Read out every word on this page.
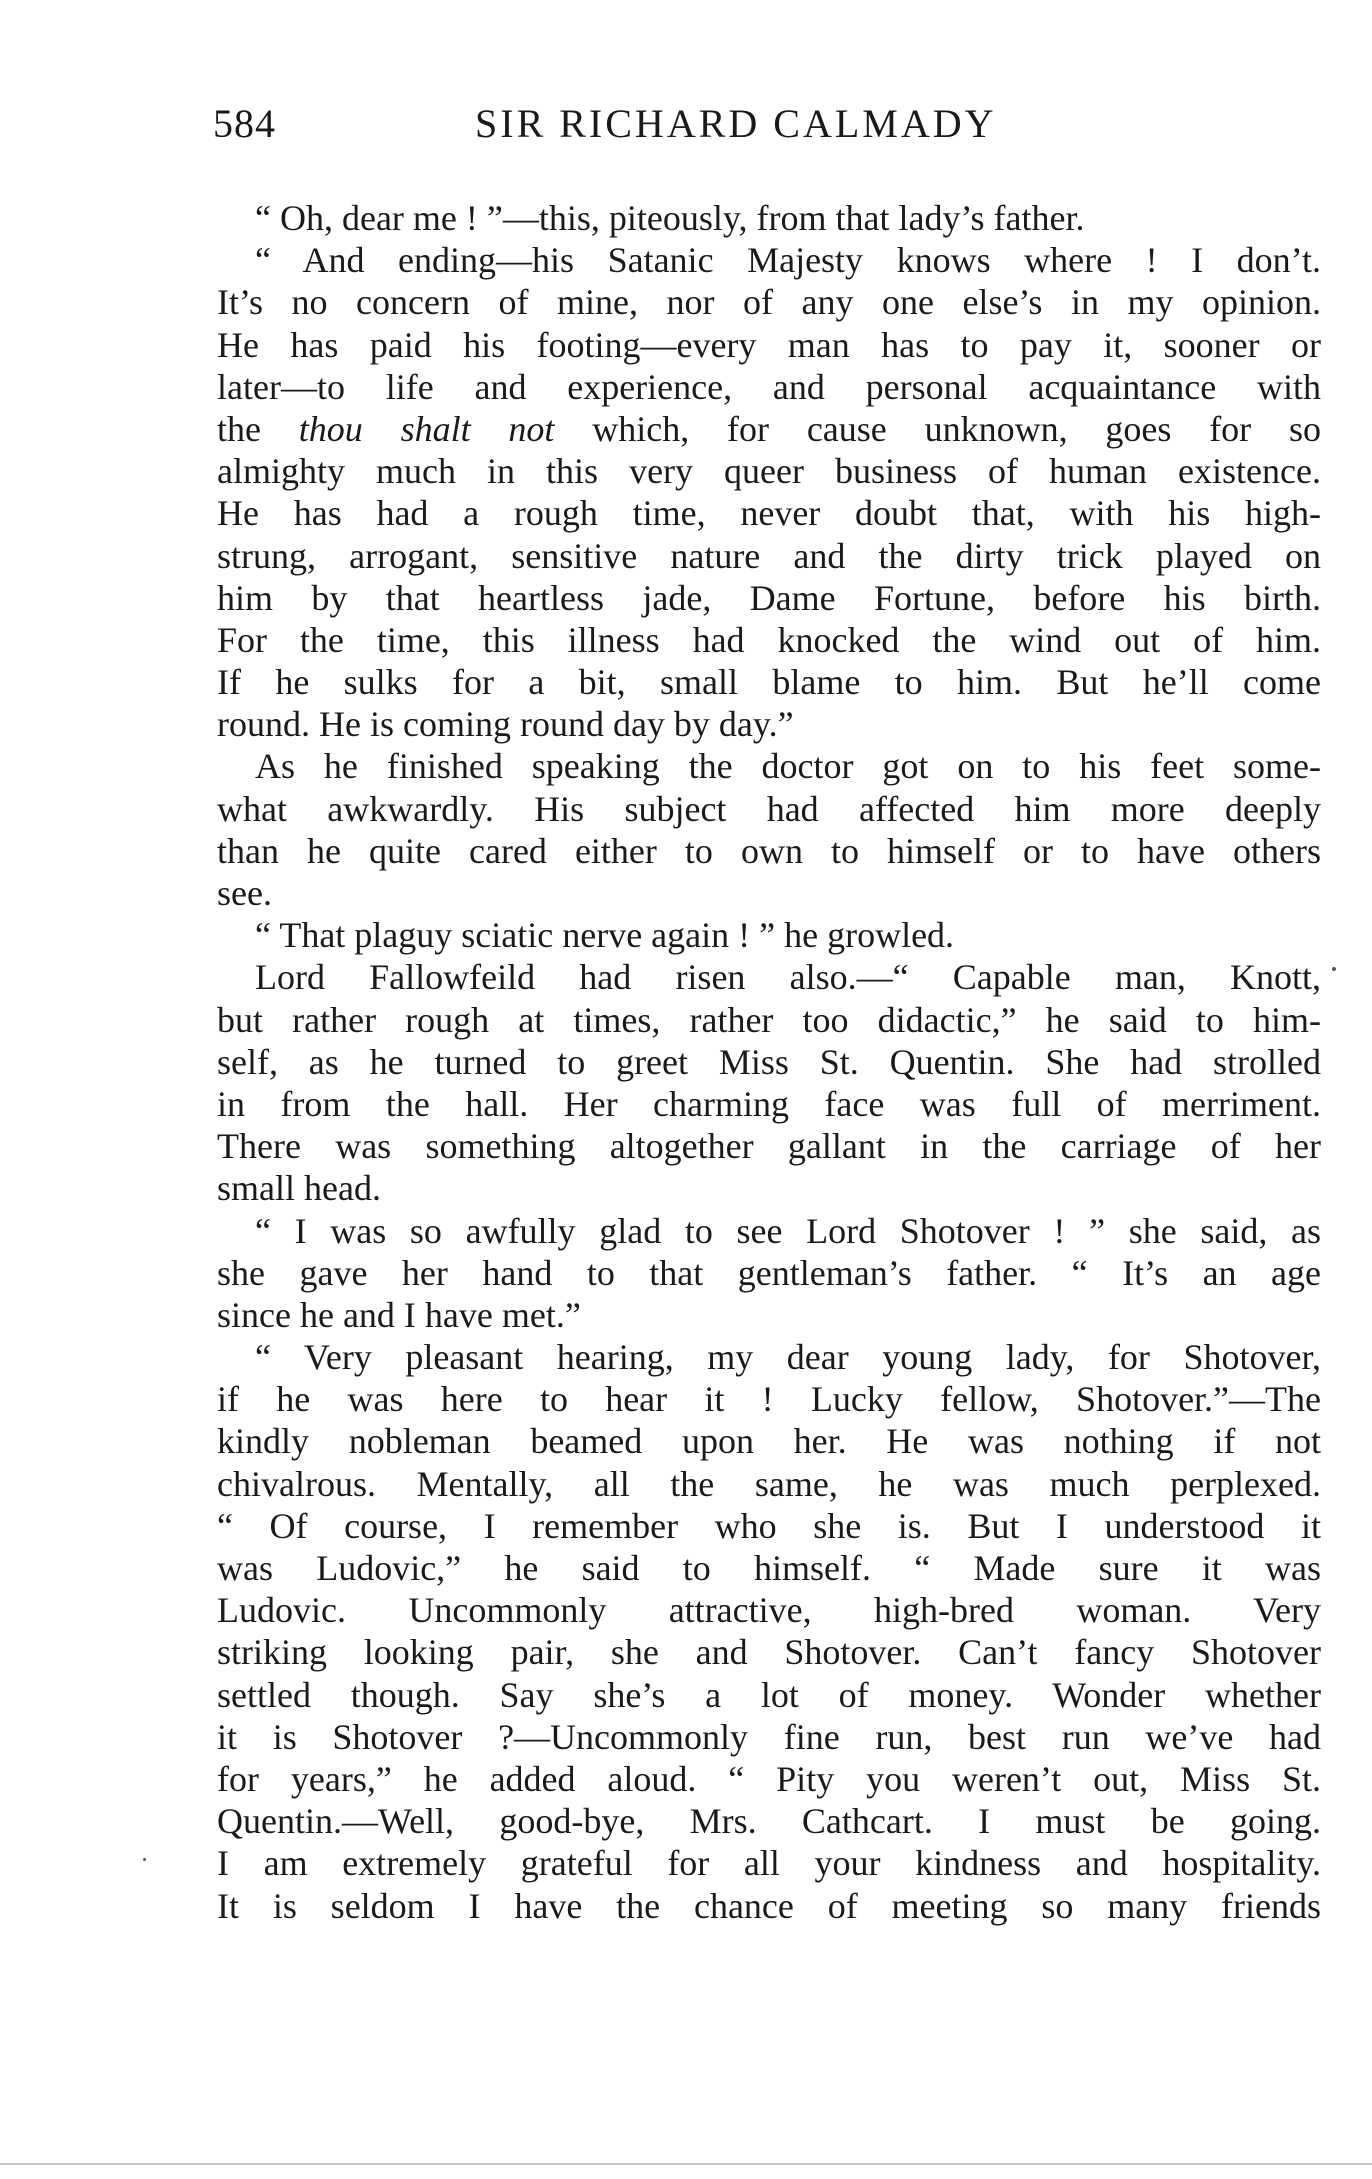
584	SIR RICHARD CALMADY
“ Oh, dear me ! ”—this, piteously, from that lady’s father.
“ And ending—his Satanic Majesty knows where ! I don’t.
It’s no concern of mine, nor of any one else’s in my opinion.
He has paid his footing—every man has to pay it, sooner or
later—to life and experience, and personal acquaintance with
the thou shalt not which, for cause unknown, goes for so
almighty much in this very queer business of human existence.
He has had a rough time, never doubt that, with his high-
strung, arrogant, sensitive nature and the dirty trick played on
him by that heartless jade, Dame Fortune, before his birth.
For the time, this illness had knocked the wind out of him.
If he sulks for a bit, small blame to him. But he’ll come
round. He is coming round day by day.”
As he finished speaking the doctor got on to his feet some-
what awkwardly. His subject had affected him more deeply
than he quite cared either to own to himself or to have others
see.
“ That plaguy sciatic nerve again ! ” he growled.
Lord Fallowfeild had risen also.—“ Capable man, Knott,
but rather rough at times, rather too didactic,” he said to him-
self, as he turned to greet Miss St. Quentin. She had strolled
in from the hall. Her charming face was full of merriment.
There was something altogether gallant in the carriage of her
small head.
“ I was so awfully glad to see Lord Shotover ! ” she said, as
she gave her hand to that gentleman’s father. “ It’s an age
since he and I have met.”
“ Very pleasant hearing, my dear young lady, for Shotover,
if he was here to hear it ! Lucky fellow, Shotover.”—The
kindly nobleman beamed upon her. He was nothing if not
chivalrous. Mentally, all the same, he was much perplexed.
“ Of course, I remember who she is. But I understood it
was Ludovic,” he said to himself. “ Made sure it was
Ludovic. Uncommonly attractive, high-bred woman. Very
striking looking pair, she and Shotover. Can’t fancy Shotover
settled though. Say she’s a lot of money. Wonder whether
it is Shotover ?—Uncommonly fine run, best run we’ve had
for years,” he added aloud. “ Pity you weren’t out, Miss St.
Quentin.—Well, good-bye, Mrs. Cathcart. I must be going.
I am extremely grateful for all your kindness and hospitality.
It is seldom I have the chance of meeting so many friends
